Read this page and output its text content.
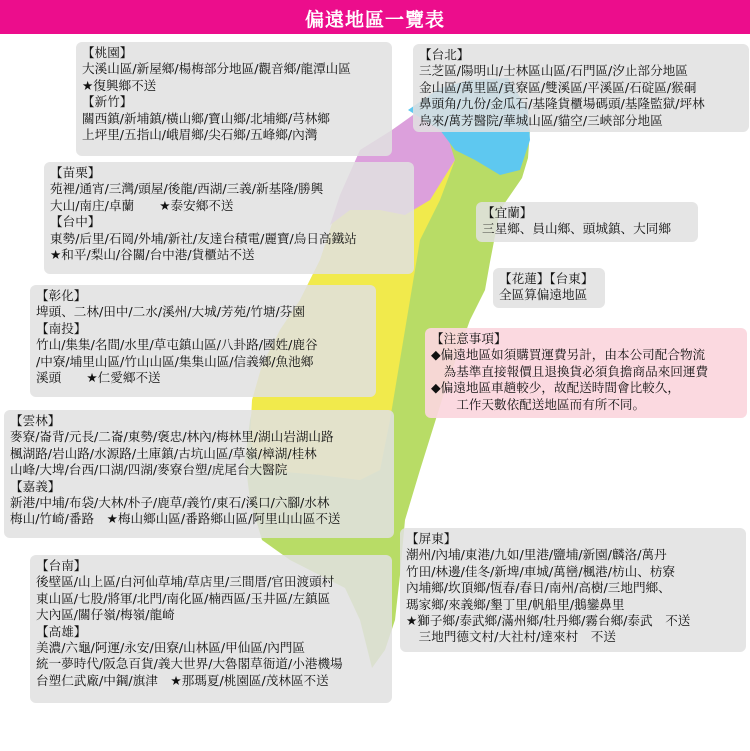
偏遠地區一覽表
【桃園】
大溪山區/新屋鄉/楊梅部分地區/觀音鄉/龍潭山區
★復興鄉不送
【新竹】
關西鎮/新埔鎮/橫山鄉/寶山鄉/北埔鄉/芎林鄉
上坪里/五指山/峨眉鄉/尖石鄉/五峰鄉/內灣
【苗栗】
苑裡/通宵/三灣/頭屋/後龍/西湖/三義/新基隆/勝興
大山/南庄/卓蘭　　★泰安鄉不送
【台中】
東勢/后里/石岡/外埔/新社/友達台積電/麗寶/烏日高鐵站
★和平/梨山/谷關/台中港/貨櫃站不送
【彰化】
埤頭、二林/田中/二水/溪州/大城/芳苑/竹塘/芬園
【南投】
竹山/集集/名間/水里/草屯鎮山區/八卦路/國姓/鹿谷
/中寮/埔里山區/竹山山區/集集山區/信義鄉/魚池鄉
溪頭　　★仁愛鄉不送
【雲林】
麥寮/崙背/元長/二崙/東勢/褒忠/林內/梅林里/湖山岩湖山路
楓湖路/岩山路/水源路/土庫鎮/古坑山區/草嶺/樟湖/桂林
山峰/大埤/台西/口湖/四湖/麥寮台塑/虎尾台大醫院
【嘉義】
新港/中埔/布袋/大林/朴子/鹿草/義竹/東石/溪口/六腳/水林
梅山/竹崎/番路　★梅山鄉山區/番路鄉山區/阿里山山區不送
【台南】
後壁區/山上區/白河仙草埔/草店里/三間厝/官田渡頭村
東山區/七股/將軍/北門/南化區/楠西區/玉井區/左鎮區
大內區/關仔嶺/梅嶺/龍崎
【高雄】
美濃/六龜/阿運/永安/田寮/山林區/甲仙區/內門區
統一夢時代/阪急百貨/義大世界/大魯閣草衙道/小港機場
台塑仁武廠/中鋼/旗津　★那瑪夏/桃園區/茂林區不送
【台北】
三芝區/陽明山/士林區山區/石門區/汐止部分地區
金山區/萬里區/貢寮區/雙溪區/平溪區/石碇區/猴硐
鼻頭角/九份/金瓜石/基隆貨櫃場碼頭/基隆監獄/坪林
烏來/萬芳醫院/華城山區/貓空/三峽部分地區
【宜蘭】
三星鄉、員山鄉、頭城鎮、大同鄉
【花蓮】【台東】
全區算偏遠地區
【注意事項】
◆偏遠地區如須購買運費另計，由本公司配合物流
　為基準直接報價且退換貨必須負擔商品來回運費
◆偏遠地區車趟較少，故配送時間會比較久，
　　工作天數依配送地區而有所不同。
【屏東】
潮州/內埔/東港/九如/里港/鹽埔/新園/麟洛/萬丹
竹田/林邊/佳冬/新埤/車城/萬巒/楓港/枋山、枋寮
內埔鄉/坎頂鄉/恆春/春日/南州/高樹/三地門鄉、
瑪家鄉/來義鄉/墾丁里/帆船里/鵝鑾鼻里
★獅子鄉/泰武鄉/滿州鄉/牡丹鄉/霧台鄉/泰武　不送
　三地門德文村/大社村/達來村　不送
